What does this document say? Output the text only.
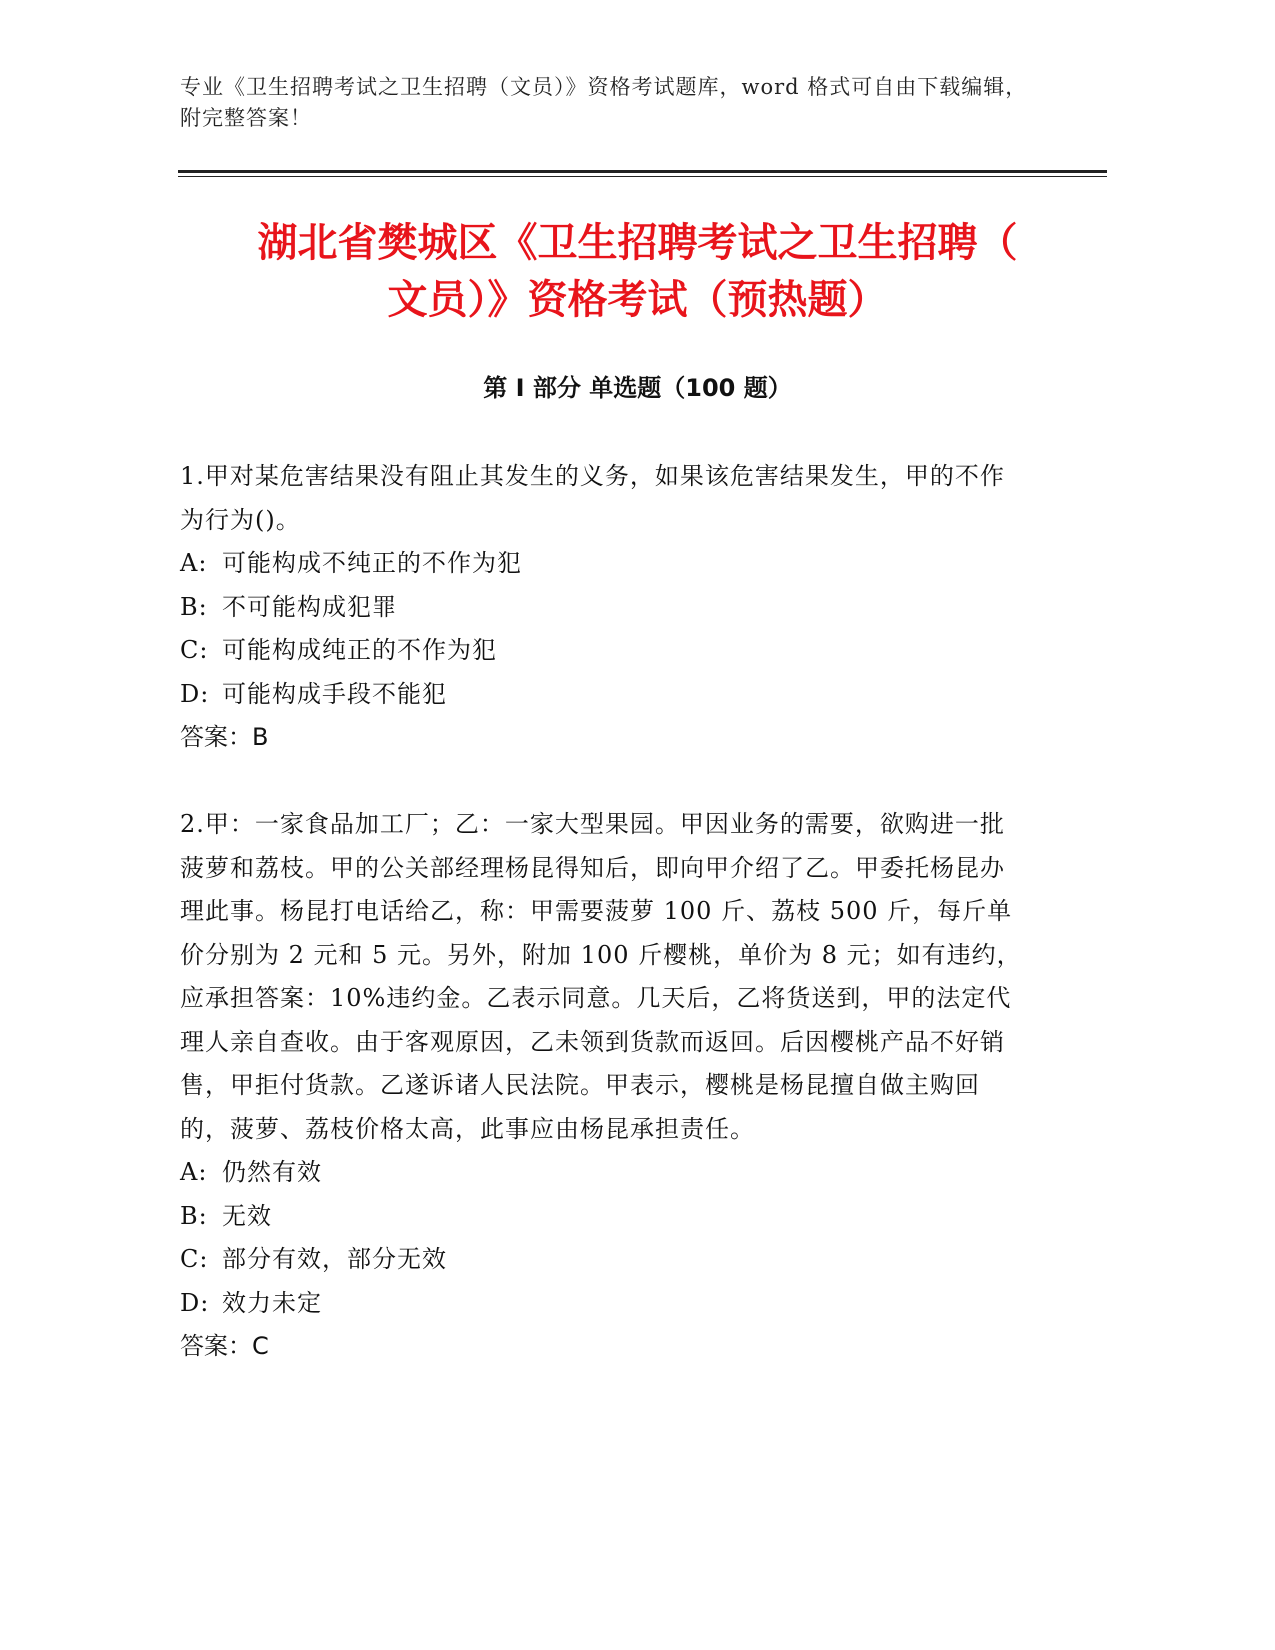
专业《卫生招聘考试之卫生招聘（文员）》资格考试题库，word 格式可自由下载编辑，附完整答案！
湖北省樊城区《卫生招聘考试之卫生招聘（
文员）》资格考试（预热题）
第 I 部分 单选题（100 题）

1.甲对某危害结果没有阻止其发生的义务，如果该危害结果发生，甲的不作为行为()。

A: 可能构成不纯正的不作为犯

B: 不可能构成犯罪

C: 可能构成纯正的不作为犯

D: 可能构成手段不能犯

答案：B

2.甲：一家食品加工厂；乙：一家大型果园。甲因业务的需要，欲购进一批菠萝和荔枝。甲的公关部经理杨昆得知后，即向甲介绍了乙。甲委托杨昆办理此事。杨昆打电话给乙，称：甲需要菠萝 100 斤、荔枝 500 斤，每斤单价分别为 2 元和 5 元。另外，附加 100 斤樱桃，单价为 8 元；如有违约，应承担答案：10%违约金。乙表示同意。几天后，乙将货送到，甲的法定代理人亲自查收。由于客观原因，乙未领到货款而返回。后因樱桃产品不好销售，甲拒付货款。乙遂诉诸人民法院。甲表示，樱桃是杨昆擅自做主购回的，菠萝、荔枝价格太高，此事应由杨昆承担责任。

A: 仍然有效

B: 无效

C: 部分有效，部分无效

D: 效力未定

答案：C
